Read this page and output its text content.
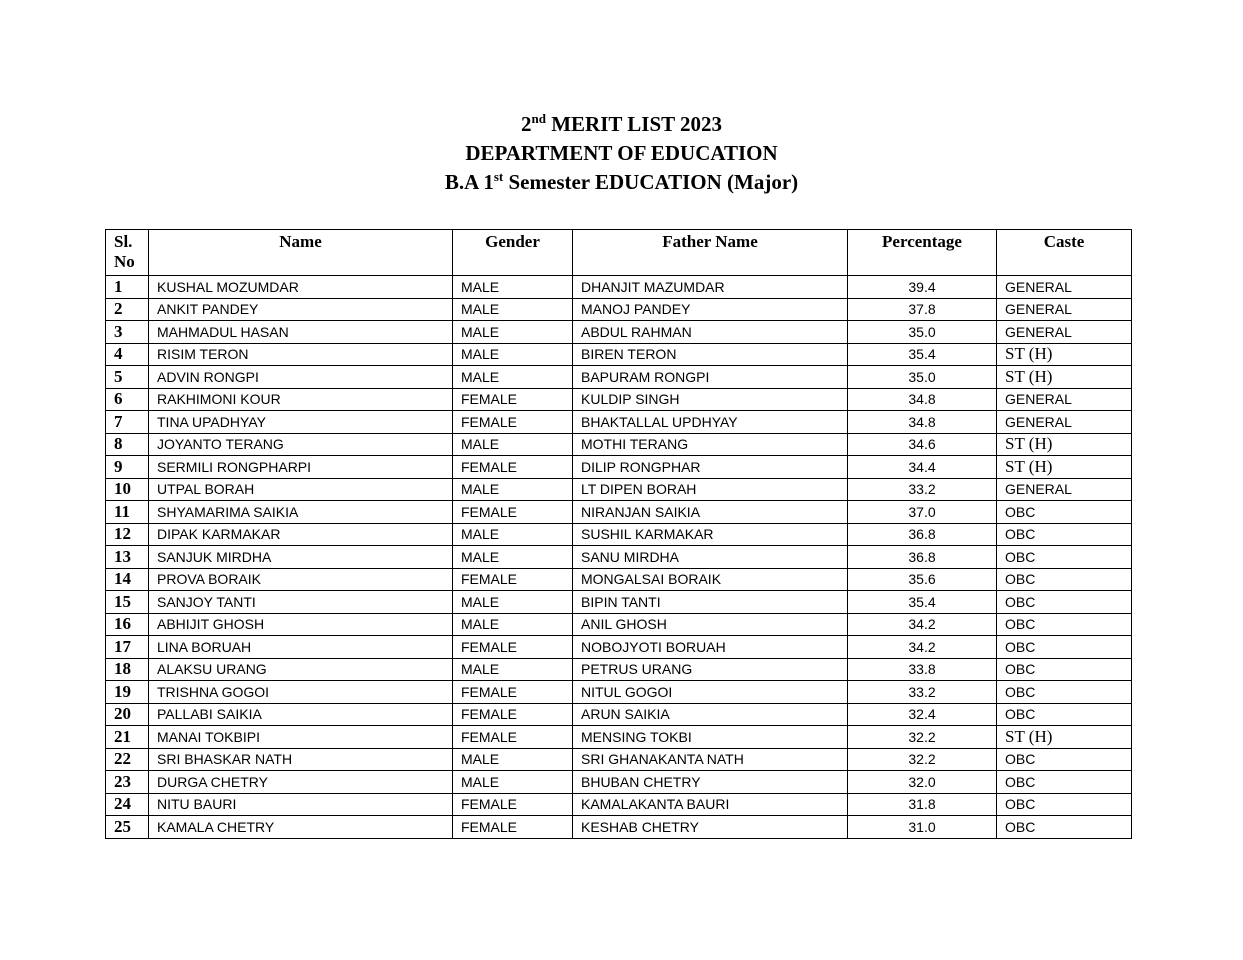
2nd MERIT LIST 2023
DEPARTMENT OF EDUCATION
B.A 1st Semester EDUCATION (Major)
Sl. No	Name	Gender	Father Name	Percentage	Caste
1	KUSHAL MOZUMDAR	MALE	DHANJIT MAZUMDAR	39.4	GENERAL
2	ANKIT PANDEY	MALE	MANOJ PANDEY	37.8	GENERAL
3	MAHMADUL HASAN	MALE	ABDUL RAHMAN	35.0	GENERAL
4	RISIM TERON	MALE	BIREN TERON	35.4	ST (H)
5	ADVIN RONGPI	MALE	BAPURAM RONGPI	35.0	ST (H)
6	RAKHIMONI KOUR	FEMALE	KULDIP SINGH	34.8	GENERAL
7	TINA UPADHYAY	FEMALE	BHAKTALLAL UPDHYAY	34.8	GENERAL
8	JOYANTO TERANG	MALE	MOTHI TERANG	34.6	ST (H)
9	SERMILI RONGPHARPI	FEMALE	DILIP RONGPHAR	34.4	ST (H)
10	UTPAL BORAH	MALE	LT DIPEN BORAH	33.2	GENERAL
11	SHYAMARIMA SAIKIA	FEMALE	NIRANJAN SAIKIA	37.0	OBC
12	DIPAK KARMAKAR	MALE	SUSHIL KARMAKAR	36.8	OBC
13	SANJUK MIRDHA	MALE	SANU MIRDHA	36.8	OBC
14	PROVA BORAIK	FEMALE	MONGALSAI BORAIK	35.6	OBC
15	SANJOY TANTI	MALE	BIPIN TANTI	35.4	OBC
16	ABHIJIT GHOSH	MALE	ANIL GHOSH	34.2	OBC
17	LINA BORUAH	FEMALE	NOBOJYOTI BORUAH	34.2	OBC
18	ALAKSU URANG	MALE	PETRUS URANG	33.8	OBC
19	TRISHNA GOGOI	FEMALE	NITUL GOGOI	33.2	OBC
20	PALLABI SAIKIA	FEMALE	ARUN SAIKIA	32.4	OBC
21	MANAI TOKBIPI	FEMALE	MENSING TOKBI	32.2	ST (H)
22	SRI BHASKAR NATH	MALE	SRI GHANAKANTA NATH	32.2	OBC
23	DURGA CHETRY	MALE	BHUBAN CHETRY	32.0	OBC
24	NITU BAURI	FEMALE	KAMALAKANTA BAURI	31.8	OBC
25	KAMALA CHETRY	FEMALE	KESHAB CHETRY	31.0	OBC
